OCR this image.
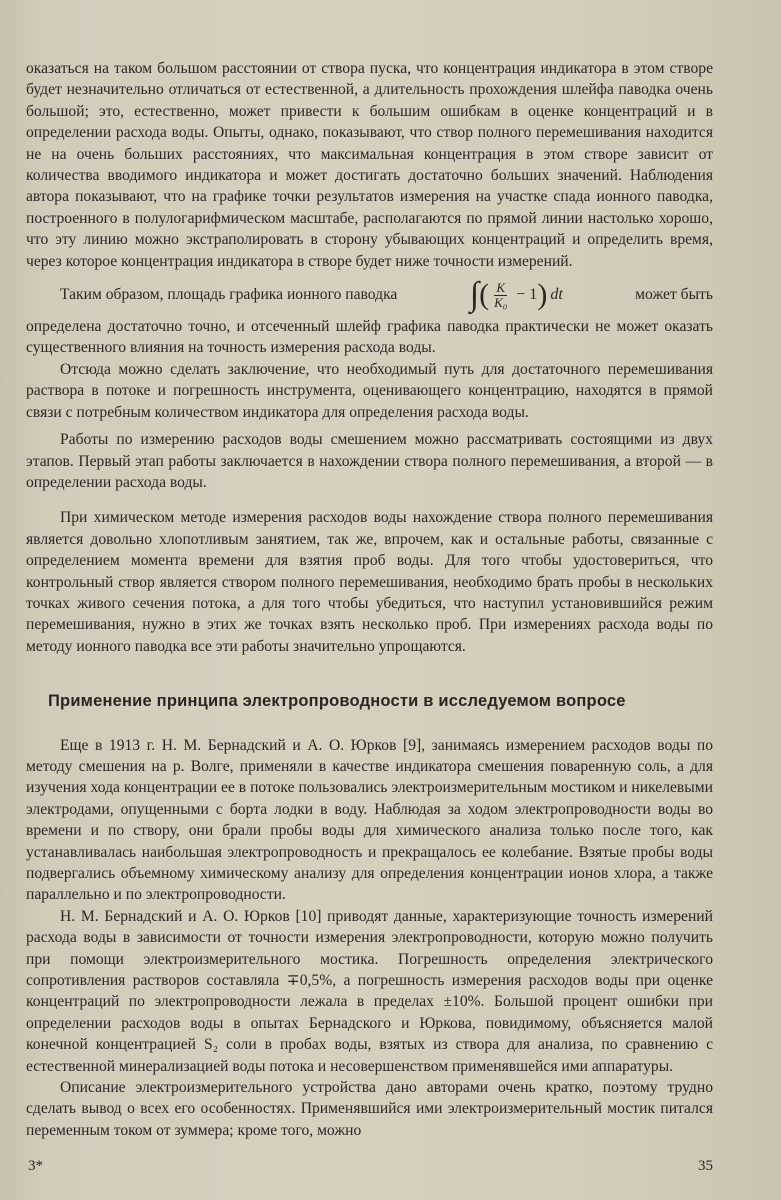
оказаться на таком большом расстоянии от створа пуска, что концентрация индикатора в этом створе будет незначительно отличаться от естественной, а длительность прохождения шлейфа паводка очень большой; это, естественно, может привести к большим ошибкам в оценке концентраций и в определении расхода воды. Опыты, однако, показывают, что створ полного перемешивания находится не на очень больших расстояниях, что максимальная концентрация в этом створе зависит от количества вводимого индикатора и может достигать достаточно больших значений. Наблюдения автора показывают, что на графике точки результатов измерения на участке спада ионного паводка, построенного в полулогарифмическом масштабе, располагаются по прямой линии настолько хорошо, что эту линию можно экстраполировать в сторону убывающих концентраций и определить время, через которое концентрация индикатора в створе будет ниже точности измерений.

Таким образом, площадь графика ионного паводка ∫ ( $\frac{K}{\text{K₀}} - 1$ ) dt	может быть

определена достаточно точно, и отсеченный шлейф графика паводка практически не может оказать существенного влияния на точность измерения расхода воды.

Отсюда можно сделать заключение, что необходимый путь для достаточного перемешивания раствора в потоке и погрешность инструмента, оценивающего концентрацию, находятся в прямой связи с потребным количеством индикатора для определения расхода воды.

Работы по измерению расходов воды смешением можно рассматривать состоящими из двух этапов. Первый этап работы заключается в нахождении створа полного перемешивания, а второй — в определении расхода воды.

При химическом методе измерения расходов воды нахождение створа полного перемешивания является довольно хлопотливым занятием, так же, впрочем, как и остальные работы, связанные с определением момента времени для взятия проб воды. Для того чтобы удостовериться, что контрольный створ является створом полного перемешивания, необходимо брать пробы в нескольких точках живого сечения потока, а для того чтобы убедиться, что наступил установившийся режим перемешивания, нужно в этих же точках взять несколько проб. При измерениях расхода воды по методу ионного паводка все эти работы значительно упрощаются.

Применение принципа электропроводности в исследуемом вопросе

Еще в 1913 г. Н. М. Бернадский и А. О. Юрков [9], занимаясь измерением расходов воды по методу смешения на р. Волге, применяли в качестве индикатора смешения поваренную соль, а для изучения хода концентрации ее в потоке пользовались электроизмерительным мостиком и никелевыми электродами, опущенными с борта лодки в воду. Наблюдая за ходом электропроводности воды во времени и по створу, они брали пробы воды для химического анализа только после того, как устанавливалась наибольшая электропроводность и прекращалось ее колебание. Взятые пробы воды подвергались объемному химическому анализу для определения концентрации ионов хлора, а также параллельно и по электропроводности.

Н. М. Бернадский и А. О. Юрков [10] приводят данные, характеризующие точность измерений расхода воды в зависимости от точности измерения электропроводности, которую можно получить при помощи электроизмерительного мостика. Погрешность определения электрического сопротивления растворов составляла ∓0,5%, а погрешность измерения расходов воды при оценке концентраций по электропроводности лежала в пределах ±10%. Большой процент ошибки при определении расходов воды в опытах Бернадского и Юркова, повидимому, объясняется малой конечной концентрацией S₂ соли в пробах воды, взятых из створа для анализа, по сравнению с естественной минерализацией воды потока и несовершенством применявшейся ими аппаратуры.

Описание электроизмерительного устройства дано авторами очень кратко, поэтому трудно сделать вывод о всех его особенностях. Применявшийся ими электроизмерительный мостик питался переменным током от зуммера; кроме того, можно

3*	35
